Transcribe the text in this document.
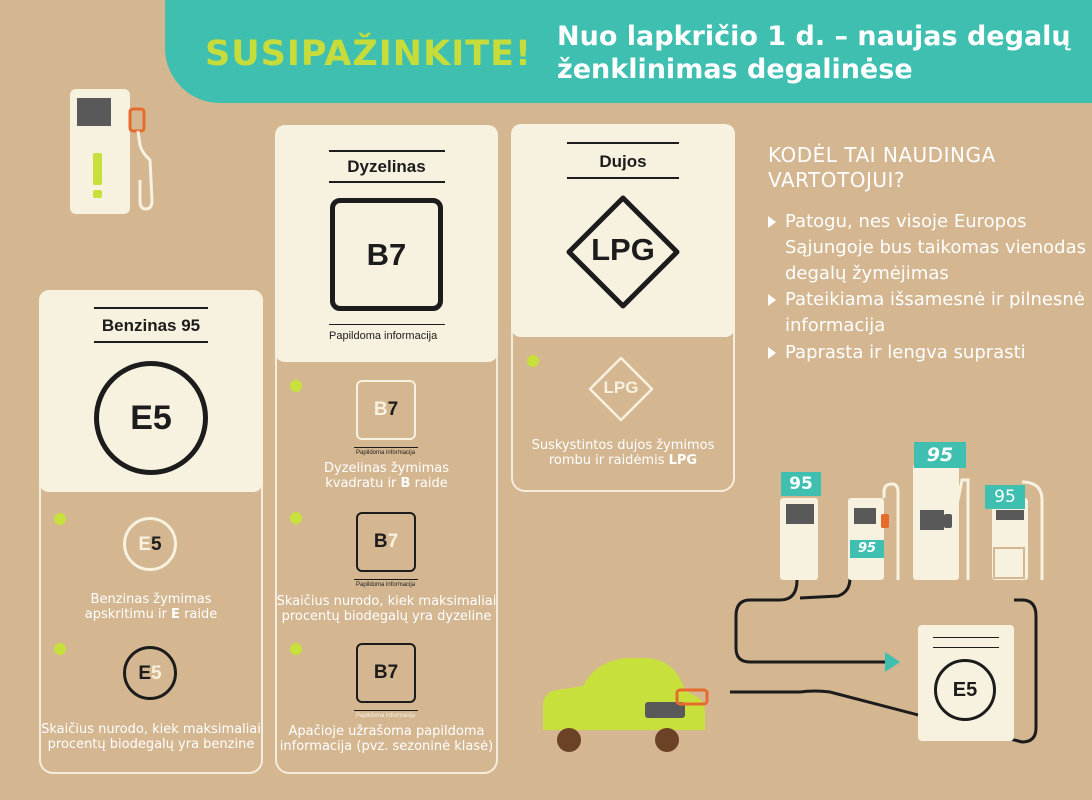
SUSIPAŽINKITE! Nuo lapkričio 1 d. – naujas degalų
ženklinimas degalinėse
Benzinas 95
E5
E5
Benzinas žymimas
apskritimu ir E raide
E5
Skaičius nurodo, kiek maksimaliai
procentų biodegalų yra benzine
Dyzelinas
B7
Papildoma informacija
B7
Papildoma informacija
Dyzelinas žymimas
kvadratu ir B raide
B7
Papildoma informacija
Skaičius nurodo, kiek maksimaliai
procentų biodegalų yra dyzeline
B7
Papildoma informacija
Apačioje užrašoma papildoma
informacija (pvz. sezoninė klasė)
Dujos
LPG
LPG
Suskystintos dujos žymimos
rombu ir raidėmis LPG
KODĖL TAI NAUDINGA VARTOTOJUI?
Patogu, nes visoje Europos Sąjungoje bus taikomas vienodas degalų žymėjimas
Pateikiama išsamesnė ir pilnesnė informacija
Paprasta ir lengva suprasti
95
95
95
95
E5
